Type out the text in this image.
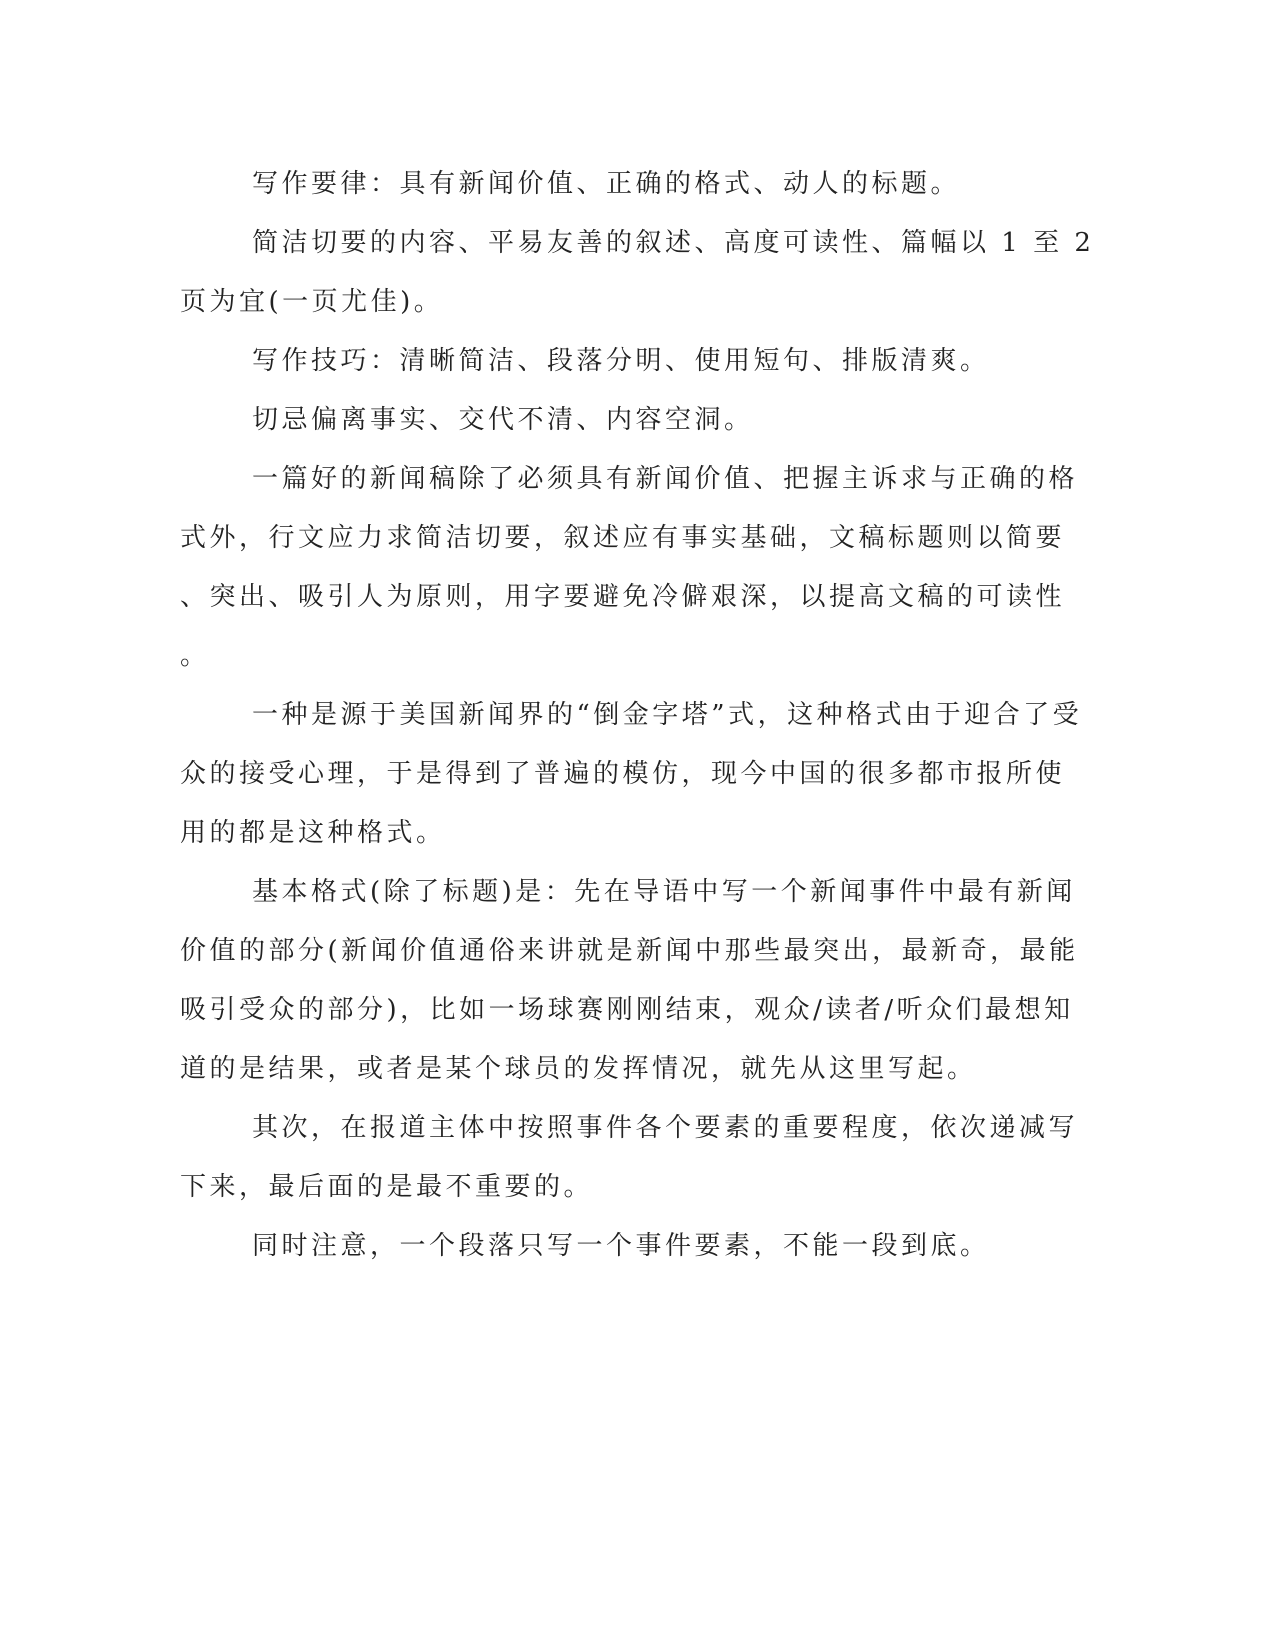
写作要律：具有新闻价值、正确的格式、动人的标题。

简洁切要的内容、平易友善的叙述、高度可读性、篇幅以 1 至 2
页为宜(一页尤佳)。

写作技巧：清晰简洁、段落分明、使用短句、排版清爽。

切忌偏离事实、交代不清、内容空洞。

一篇好的新闻稿除了必须具有新闻价值、把握主诉求与正确的格
式外，行文应力求简洁切要，叙述应有事实基础，文稿标题则以简要
、突出、吸引人为原则，用字要避免冷僻艰深，以提高文稿的可读性
。

一种是源于美国新闻界的“倒金字塔”式，这种格式由于迎合了受
众的接受心理，于是得到了普遍的模仿，现今中国的很多都市报所使
用的都是这种格式。

基本格式(除了标题)是：先在导语中写一个新闻事件中最有新闻
价值的部分(新闻价值通俗来讲就是新闻中那些最突出，最新奇，最能
吸引受众的部分)，比如一场球赛刚刚结束，观众/读者/听众们最想知
道的是结果，或者是某个球员的发挥情况，就先从这里写起。

其次，在报道主体中按照事件各个要素的重要程度，依次递减写
下来，最后面的是最不重要的。

同时注意，一个段落只写一个事件要素，不能一段到底。
